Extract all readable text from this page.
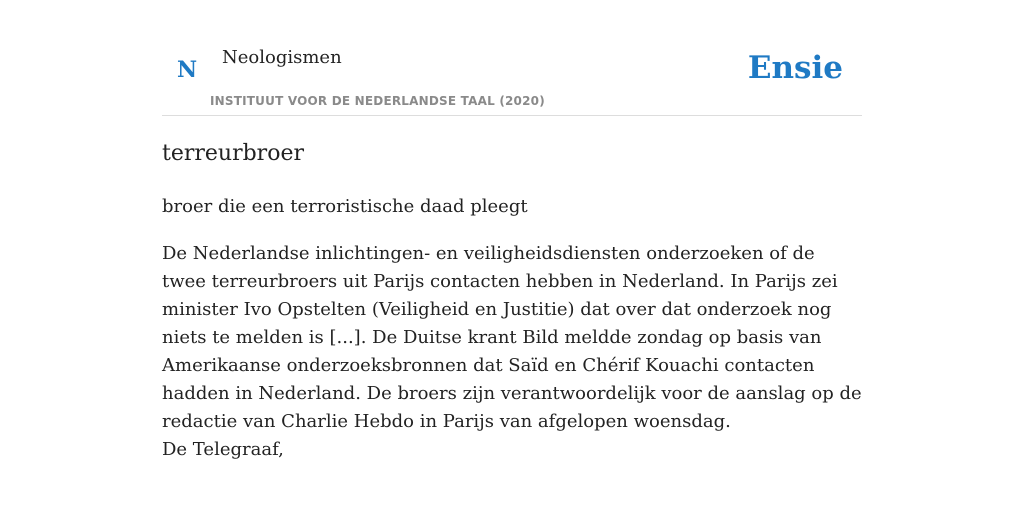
N Neologismen
INSTITUUT VOOR DE NEDERLANDSE TAAL (2020)
Ensie
terreurbroer

broer die een terroristische daad pleegt

De Nederlandse inlichtingen- en veiligheidsdiensten onderzoeken of de twee terreurbroers uit Parijs contacten hebben in Nederland. In Parijs zei minister Ivo Opstelten (Veiligheid en Justitie) dat over dat onderzoek nog niets te melden is [...]. De Duitse krant Bild meldde zondag op basis van Amerikaanse onderzoeksbronnen dat Saïd en Chérif Kouachi contacten hadden in Nederland. De broers zijn verantwoordelijk voor de aanslag op de redactie van Charlie Hebdo in Parijs van afgelopen woensdag.
De Telegraaf,
